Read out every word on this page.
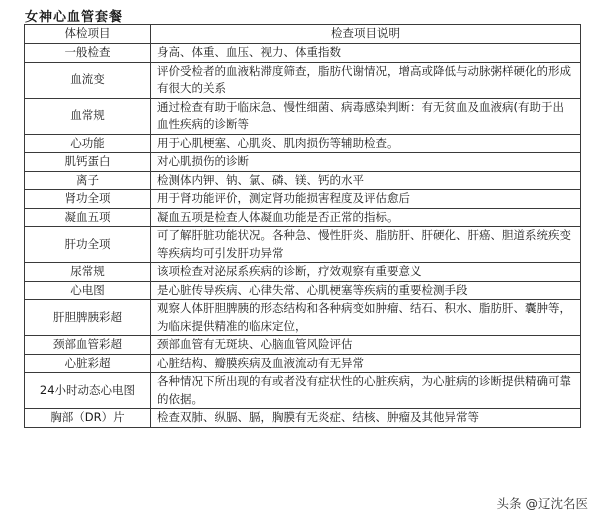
女神心血管套餐
体检项目	检查项目说明
一般检查	身高、体重、血压、视力、体重指数
血流变	评价受检者的血液粘滞度筛查，脂肪代谢情况，增高或降低与动脉粥样硬化的形成有很大的关系
血常规	通过检查有助于临床急、慢性细菌、病毒感染判断：有无贫血及血液病(有助于出血性疾病的诊断等
心功能	用于心肌梗塞、心肌炎、肌肉损伤等辅助检查。
肌钙蛋白	对心肌损伤的诊断
离子	检测体内钾、钠、氯、磷、镁、钙的水平
肾功全项	用于肾功能评价，测定肾功能损害程度及评估愈后
凝血五项	凝血五项是检查人体凝血功能是否正常的指标。
肝功全项	可了解肝脏功能状况。各种急、慢性肝炎、脂肪肝、肝硬化、肝癌、胆道系统疾变等疾病均可引发肝功异常
尿常规	该项检查对泌尿系疾病的诊断，疗效观察有重要意义
心电图	是心脏传导疾病、心律失常、心肌梗塞等疾病的重要检测手段
肝胆脾胰彩超	观察人体肝胆脾胰的形态结构和各种病变如肿瘤、结石、积水、脂肪肝、囊肿等，为临床提供精准的临床定位，
颈部血管彩超	颈部血管有无斑块、心脑血管风险评估
心脏彩超	心脏结构、瓣膜疾病及血液流动有无异常
24小时动态心电图	各种情况下所出现的有或者没有症状性的心脏疾病，为心脏病的诊断提供精确可靠的依据。
胸部（DR）片	检查双肺、纵膈、膈，胸膜有无炎症、结核、肿瘤及其他异常等
头条 @辽沈名医
